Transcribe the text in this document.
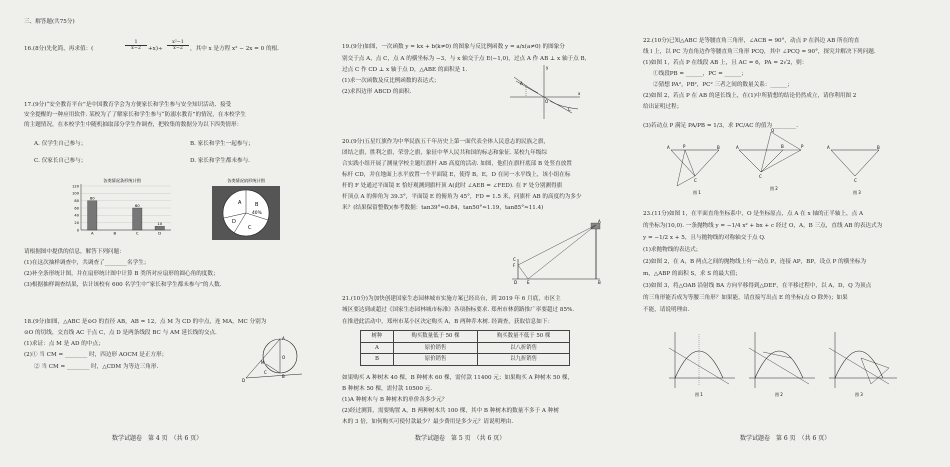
三、解答题(共75分)
16.(8分)先化简，再求值：(
1
x−2	+x)÷
x²−1
x−2	，其中 x 是方程 x² − 2x = 0 的根.
17.(9分)“安全教育平台”是中国教育学会为方便家长和学生参与安全知识活动、接受
安全提醒的一种应用软件. 某校为了了解家长和学生参与“防溺水教育”的情况，在本校学生
的主题情况，在本校学生中随机抽取部分学生作调查，把收集的数据分为以下四类情形：
A. 仅学生自己参与；	B. 家长和学生一起参与；
C. 仅家长自己参与；	D. 家长和学生都未参与.
各类情况条形统计图
0
20
40
60
80
100
120
80
A	B
60
C
10
D
各类情况扇形统计图
A	B
40%
C
D
请根据图中提供的信息，解答下列问题：
(1)在这次抽样调查中，共调查了________名学生；
(2)补全条形统计图，并在扇形统计图中计算 B 类所对应扇形的圆心角的度数；
(3)根据抽样调查结果，估计该校有 600 名学生中“家长和学生都未参与”的人数.
18.(9分)如图，△ABC 是⊙O 的直径 AB，AB = 12，点 M 为 CD 的中点，连 MA，MC 分别为
⊙O 的切线，交直线 AC 于点 C，点 D 是两条线段 BC 与 AM 延长线的交点.
(1)求证：点 M 是 AD 的中点；
(2)① 当 CM = ________ 时，四边形 AOCM 是正方形；
② 当 CM = ________ 时，△CDM 为等边三角形.
D
M
O
A
B
C
数学试题卷　第 4 页　（共 6 页）
19.(9分)如图，一次函数 y = kx + b(k≠0) 的图象与反比例函数 y = a/x(a≠0) 的图象分
别交于点 A，点 C，点 A 的横坐标为 −3，与 x 轴交于点 E(−1,0)，过点 A 作 AB ⊥ x 轴于点 B，
过点 C 作 CD ⊥ x 轴于点 D，△ABE 的面积是 1.
(1)求一次函数及反比例函数的表达式；
(2)求四边形 ABCD 的面积.
A
C
O
x
y
20.(9分)五星红旗作为中华民族五千年历史上第一面代表全体人民意志的民族之旗，
团结之旗，胜利之旗，荣誉之旗，象征中华人民共和国的标志和象征. 某校九年级综
合实践小组开展了测量学校主题红旗杆 AB 高度的活动. 如图，他们在旗杆底部 B 处竖直放置
标杆 CD，并在地面上水平放置一个平面镜 E，使得 B，E，D 在同一水平线上，该小组在标
杆的 F 处通过平面镜 E 恰好观测到旗杆顶 A(此时 ∠AEB = ∠FED). 在 F 处分别测得旗
杆顶点 A 的仰角为 39.3°，平面镜 E 的俯角为 45°，FD = 1.5 米，问旗杆 AB 的高度约为多少
米？(结果保留整数)(参考数据：tan39°≈0.84，tan50°≈1.19，tan85°≈11.4)
C
F
D E	B
A
21.(10分)为加快创建国家生态园林城市实施方案已经出台，到 2019 年 6 月底，市区主
城区要达到或超过《国家生态园林城市标准》各项指标要求. 郑州市林荫路推广率要超过 85%.
在推进此活动中，郑州市某小区决定购买 A，B 两种乔木树. 经调查，获取信息如下：
树种	购买数量低于 50 棵	购买数量不低于 50 棵
A	原价销售	以八折销售
B	原价销售	以九折销售
如果购买 A 种树木 40 棵，B 种树木 60 棵，需付款 11400 元；如果购买 A 种树木 50 棵，
B 种树木 50 棵，需付款 10500 元.
(1)A 种树木与 B 种树木的单价各多少元？
(2)经过测算，需要购置 A，B 两种树木共 100 棵，其中 B 种树木的数量不多于 A 种树
木的 3 倍，如何购买可使付款最少？最少费用是多少元？请说明理由.
数学试题卷　第 5 页　（共 6 页）
22.(10分)已知△ABC 是等腰直角三角形，∠ACB = 90°，动点 P 在斜边 AB 所在的直
线 l 上，以 PC 为直角边作等腰直角三角形 PCQ，其中 ∠PCQ = 90°，探究并解决下列问题.
(1)如图 1，若点 P 在线段 AB 上，且 AC = 6，PA = 2√2，则：
①线段PB = ______，PC = ______；
②猜想 PA²，PB²，PC² 三者之间的数量关系：______；
(2)如图 2，若点 P 在 AB 的延长线上，在(1)中所猜想的结论仍然成立，请你利用图 2
给出证明过程；
(3)若动点 P 满足 PA/PB = 1/3，求 PC/AC 的值为 ________.
A	B
C
P
图 1
A	B	P
C
Q
图 2
A	B
C
图 3
23.(11分)如图 1，在平面直角坐标系中，O 是坐标原点，点 A 在 x 轴的正半轴上，点 A
的坐标为(10,0). 一条抛物线 y = −1/4 x² + bx + c 经过 O，A，B 三点，直线 AB 的表达式为
y = −1/2 x + 5，且与抛物线的对称轴交于点 Q.
(1)求抛物线的表达式；
(2)如图 2，在 A，B 两点之间的抛物线上有一动点 P，连接 AP，BP，设点 P 的横坐标为
m，△ABP 的面积 S，求 S 的最大值；
(3)如图 3，将△OAB 沿射线 BA 方向平移得到△DEF，在平移过程中，以 A，D，Q 为顶点
的三角形能否成为等腰三角形？如果能，请直接写出点 E 的坐标(点 O 除外)；如果
不能，请说明理由.
图 1	图 2	图 3
数学试题卷　第 6 页　（共 6 页）
